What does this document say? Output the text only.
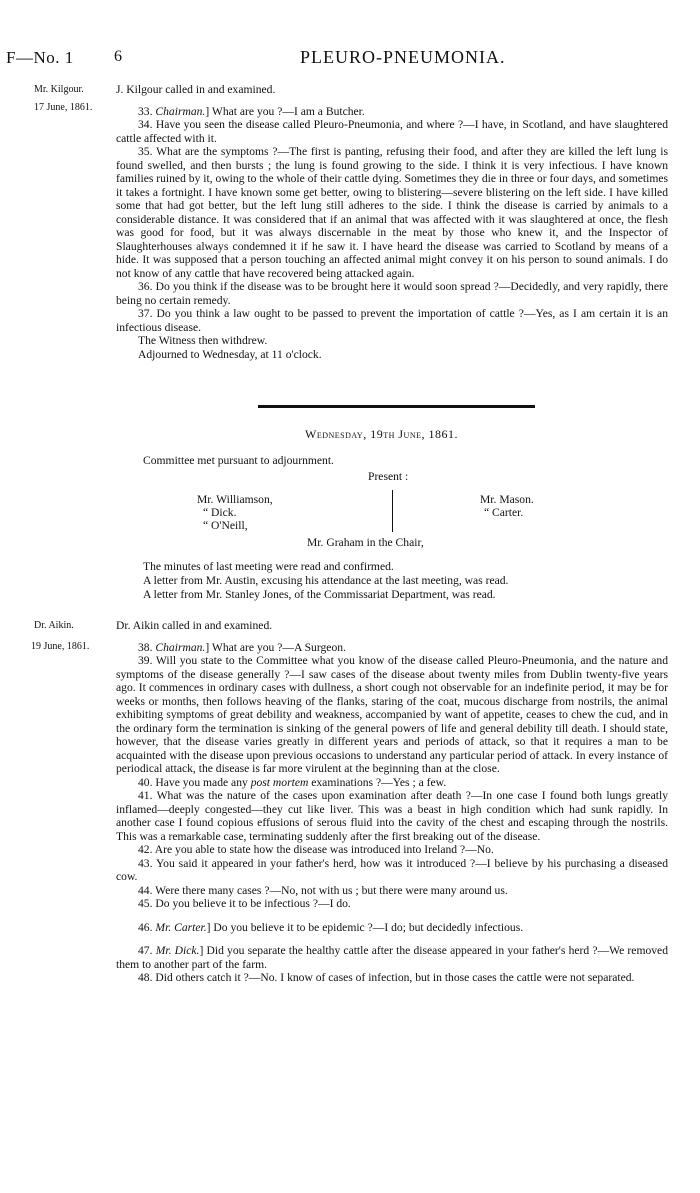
F—No. 1	6	PLEURO-PNEUMONIA.
Mr. Kilgour.
17 June, 1861.

J. Kilgour called in and examined.

33. Chairman.] What are you ?—I am a Butcher.

34. Have you seen the disease called Pleuro-Pneumonia, and where ?—I have, in Scotland, and have slaughtered cattle affected with it.

35. What are the symptoms ?—The first is panting, refusing their food, and after they are killed the left lung is found swelled, and then bursts ; the lung is found growing to the side. I think it is very infectious. I have known families ruined by it, owing to the whole of their cattle dying. Sometimes they die in three or four days, and sometimes it takes a fortnight. I have known some get better, owing to blistering—severe blistering on the left side. I have killed some that had got better, but the left lung still adheres to the side. I think the disease is carried by animals to a considerable distance. It was considered that if an animal that was affected with it was slaughtered at once, the flesh was good for food, but it was always discernable in the meat by those who knew it, and the Inspector of Slaughterhouses always condemned it if he saw it. I have heard the disease was carried to Scotland by means of a hide. It was supposed that a person touching an affected animal might convey it on his person to sound animals. I do not know of any cattle that have recovered being attacked again.

36. Do you think if the disease was to be brought here it would soon spread ?—Decidedly, and very rapidly, there being no certain remedy.

37. Do you think a law ought to be passed to prevent the importation of cattle ?—Yes, as I am certain it is an infectious disease.

The Witness then withdrew.

Adjourned to Wednesday, at 11 o'clock.

Wednesday, 19th June, 1861.
Committee met pursuant to adjournment.
Present :
Mr. Williamson,
“ Dick.
“ O'Neill,
Mr. Mason.
“ Carter.
Mr. Graham in the Chair,
The minutes of last meeting were read and confirmed.
A letter from Mr. Austin, excusing his attendance at the last meeting, was read.
A letter from Mr. Stanley Jones, of the Commissariat Department, was read.
Dr. Aikin.
19 June, 1861.

Dr. Aikin called in and examined.

38. Chairman.] What are you ?—A Surgeon.

39. Will you state to the Committee what you know of the disease called Pleuro-Pneumonia, and the nature and symptoms of the disease generally ?—I saw cases of the disease about twenty miles from Dublin twenty-five years ago. It commences in ordinary cases with dullness, a short cough not observable for an indefinite period, it may be for weeks or months, then follows heaving of the flanks, staring of the coat, mucous discharge from nostrils, the animal exhibiting symptoms of great debility and weakness, accompanied by want of appetite, ceases to chew the cud, and in the ordinary form the termination is sinking of the general powers of life and general debility till death. I should state, however, that the disease varies greatly in different years and periods of attack, so that it requires a man to be acquainted with the disease upon previous occasions to understand any particular period of attack. In every instance of periodical attack, the disease is far more virulent at the beginning than at the close.

40. Have you made any post mortem examinations ?—Yes ; a few.

41. What was the nature of the cases upon examination after death ?—In one case I found both lungs greatly inflamed—deeply congested—they cut like liver. This was a beast in high condition which had sunk rapidly. In another case I found copious effusions of serous fluid into the cavity of the chest and escaping through the nostrils. This was a remarkable case, terminating suddenly after the first breaking out of the disease.

42. Are you able to state how the disease was introduced into Ireland ?—No.

43. You said it appeared in your father's herd, how was it introduced ?—I believe by his purchasing a diseased cow.

44. Were there many cases ?—No, not with us ; but there were many around us.

45. Do you believe it to be infectious ?—I do.

46. Mr. Carter.] Do you believe it to be epidemic ?—I do; but decidedly infectious.

47. Mr. Dick.] Did you separate the healthy cattle after the disease appeared in your father's herd ?—We removed them to another part of the farm.

48. Did others catch it ?—No. I know of cases of infection, but in those cases the cattle were not separated.
